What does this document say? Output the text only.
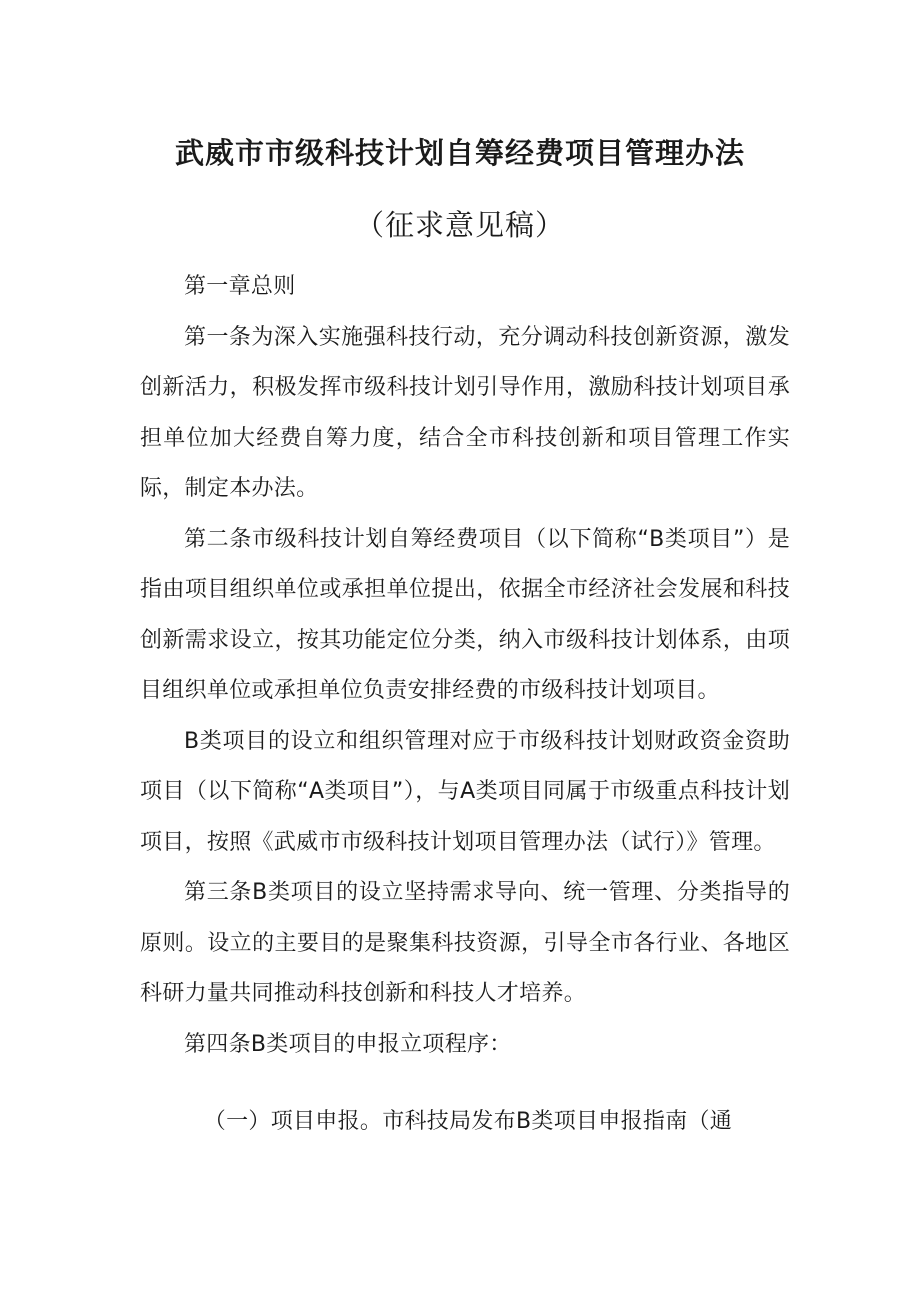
武威市市级科技计划自筹经费项目管理办法
（征求意见稿）

第一章总则

第一条为深入实施强科技行动，充分调动科技创新资源，激发创新活力，积极发挥市级科技计划引导作用，激励科技计划项目承担单位加大经费自筹力度，结合全市科技创新和项目管理工作实际，制定本办法。

第二条市级科技计划自筹经费项目（以下简称“B类项目”）是指由项目组织单位或承担单位提出，依据全市经济社会发展和科技创新需求设立，按其功能定位分类，纳入市级科技计划体系，由项目组织单位或承担单位负责安排经费的市级科技计划项目。

B类项目的设立和组织管理对应于市级科技计划财政资金资助项目（以下简称“A类项目”），与A类项目同属于市级重点科技计划项目，按照《武威市市级科技计划项目管理办法（试行）》管理。

第三条B类项目的设立坚持需求导向、统一管理、分类指导的原则。设立的主要目的是聚集科技资源，引导全市各行业、各地区科研力量共同推动科技创新和科技人才培养。

第四条B类项目的申报立项程序：

（一）项目申报。市科技局发布B类项目申报指南（通
